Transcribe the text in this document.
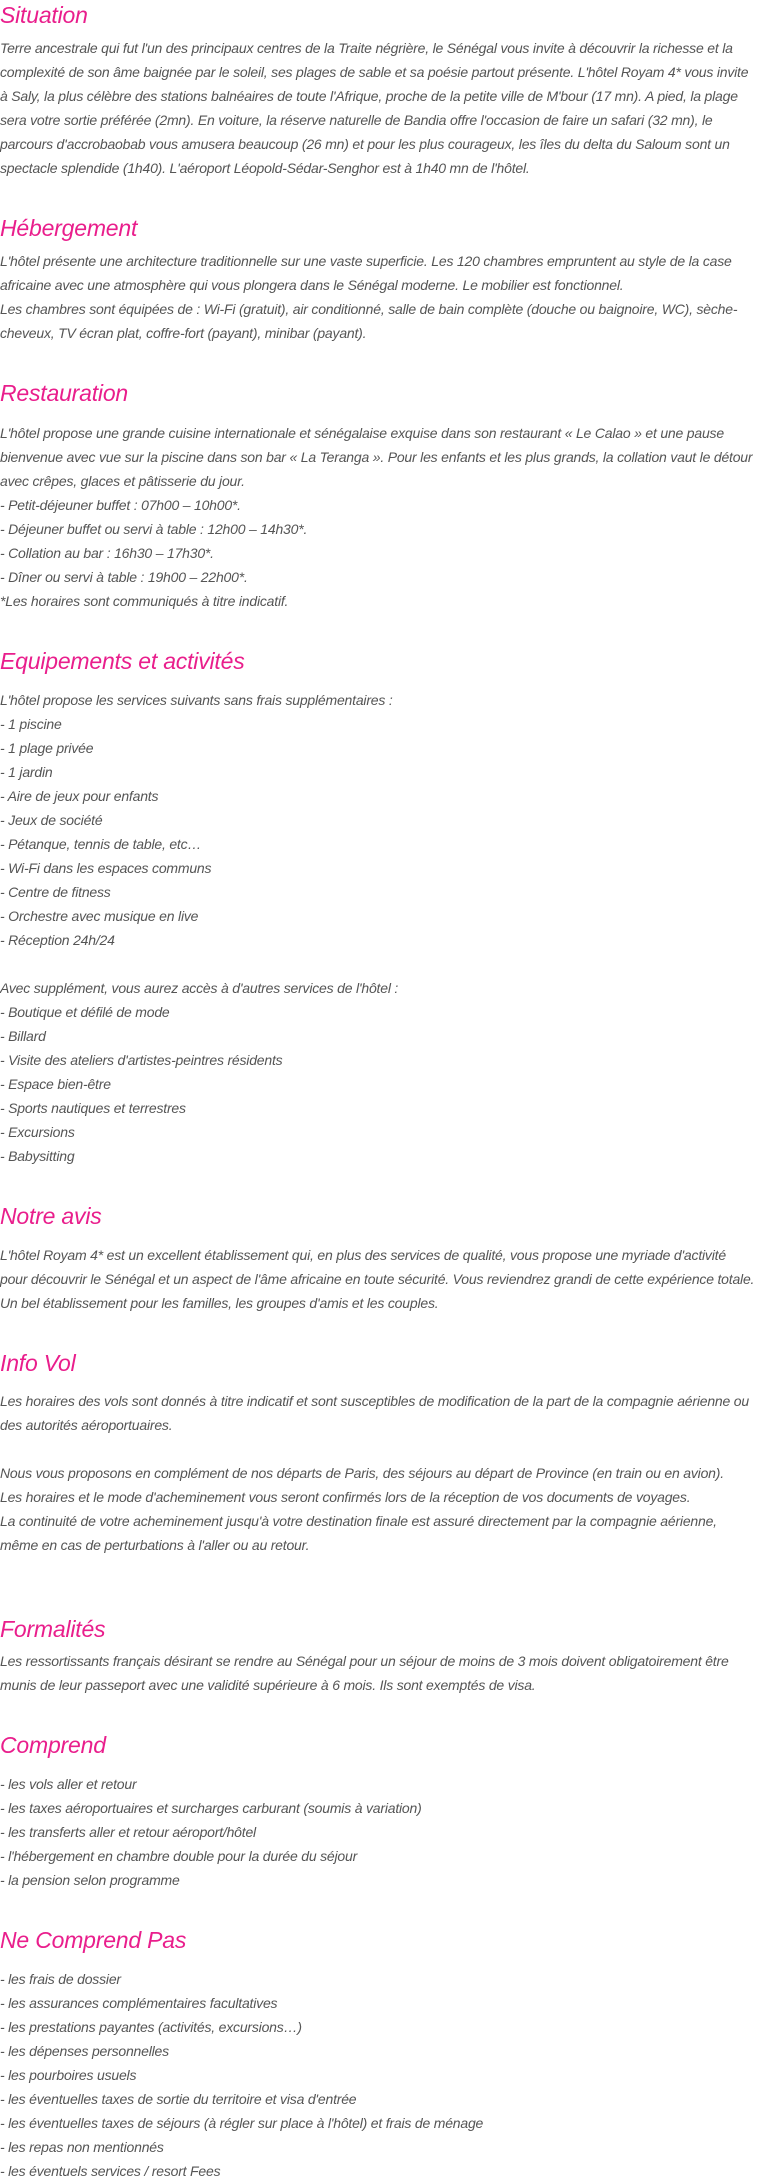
Situation

Terre ancestrale qui fut l'un des principaux centres de la Traite négrière, le Sénégal vous invite à découvrir la richesse et la complexité de son âme baignée par le soleil, ses plages de sable et sa poésie partout présente. L'hôtel Royam 4* vous invite à Saly, la plus célèbre des stations balnéaires de toute l'Afrique, proche de la petite ville de M'bour (17 mn). A pied, la plage sera votre sortie préférée (2mn). En voiture, la réserve naturelle de Bandia offre l'occasion de faire un safari (32 mn), le parcours d'accrobaobab vous amusera beaucoup (26 mn) et pour les plus courageux, les îles du delta du Saloum sont un spectacle splendide (1h40). L'aéroport Léopold-Sédar-Senghor est à 1h40 mn de l'hôtel.

Hébergement

L'hôtel présente une architecture traditionnelle sur une vaste superficie. Les 120 chambres empruntent au style de la case africaine avec une atmosphère qui vous plongera dans le Sénégal moderne. Le mobilier est fonctionnel.

Les chambres sont équipées de : Wi-Fi (gratuit), air conditionné, salle de bain complète (douche ou baignoire, WC), sèche-cheveux, TV écran plat, coffre-fort (payant), minibar (payant).

Restauration

L'hôtel propose une grande cuisine internationale et sénégalaise exquise dans son restaurant « Le Calao » et une pause bienvenue avec vue sur la piscine dans son bar « La Teranga ». Pour les enfants et les plus grands, la collation vaut le détour avec crêpes, glaces et pâtisserie du jour.

- Petit-déjeuner buffet : 07h00 – 10h00*.

- Déjeuner buffet ou servi à table : 12h00 – 14h30*.

- Collation au bar : 16h30 – 17h30*.

- Dîner ou servi à table : 19h00 – 22h00*.

*Les horaires sont communiqués à titre indicatif.

Equipements et activités

L'hôtel propose les services suivants sans frais supplémentaires :

- 1 piscine

- 1 plage privée

- 1 jardin

- Aire de jeux pour enfants

- Jeux de société

- Pétanque, tennis de table, etc…

- Wi-Fi dans les espaces communs

- Centre de fitness

- Orchestre avec musique en live

- Réception 24h/24

Avec supplément, vous aurez accès à d'autres services de l'hôtel :

- Boutique et défilé de mode

- Billard

- Visite des ateliers d'artistes-peintres résidents

- Espace bien-être

- Sports nautiques et terrestres

- Excursions

- Babysitting

Notre avis

L'hôtel Royam 4* est un excellent établissement qui, en plus des services de qualité, vous propose une myriade d'activité pour découvrir le Sénégal et un aspect de l'âme africaine en toute sécurité. Vous reviendrez grandi de cette expérience totale. Un bel établissement pour les familles, les groupes d'amis et les couples.

Info Vol

Les horaires des vols sont donnés à titre indicatif et sont susceptibles de modification de la part de la compagnie aérienne ou des autorités aéroportuaires.

Nous vous proposons en complément de nos départs de Paris, des séjours au départ de Province (en train ou en avion).

Les horaires et le mode d'acheminement vous seront confirmés lors de la réception de vos documents de voyages.

La continuité de votre acheminement jusqu'à votre destination finale est assuré directement par la compagnie aérienne, même en cas de perturbations à l'aller ou au retour.

Formalités

Les ressortissants français désirant se rendre au Sénégal pour un séjour de moins de 3 mois doivent obligatoirement être munis de leur passeport avec une validité supérieure à 6 mois. Ils sont exemptés de visa.

Comprend

- les vols aller et retour

- les taxes aéroportuaires et surcharges carburant (soumis à variation)

- les transferts aller et retour aéroport/hôtel

- l'hébergement en chambre double pour la durée du séjour

- la pension selon programme

Ne Comprend Pas

- les frais de dossier

- les assurances complémentaires facultatives

- les prestations payantes (activités, excursions…)

- les dépenses personnelles

- les pourboires usuels

- les éventuelles taxes de sortie du territoire et visa d'entrée

- les éventuelles taxes de séjours (à régler sur place à l'hôtel) et frais de ménage

- les repas non mentionnés

- les éventuels services / resort Fees
